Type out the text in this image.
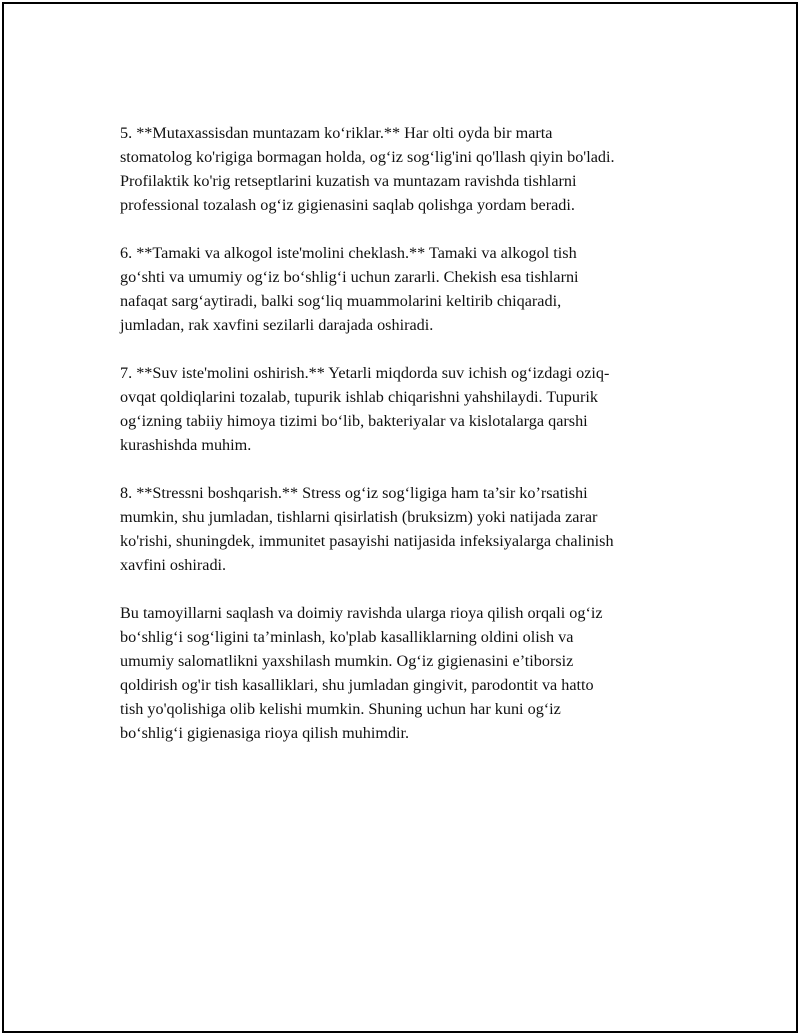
5. **Mutaxassisdan muntazam ko‘riklar.** Har olti oyda bir marta
stomatolog ko'rigiga bormagan holda, og‘iz sog‘lig'ini qo'llash qiyin bo'ladi.
Profilaktik ko'rig retseptlarini kuzatish va muntazam ravishda tishlarni
professional tozalash og‘iz gigienasini saqlab qolishga yordam beradi.

6. **Tamaki va alkogol iste'molini cheklash.** Tamaki va alkogol tish
go‘shti va umumiy og‘iz bo‘shlig‘i uchun zararli. Chekish esa tishlarni
nafaqat sarg‘aytiradi, balki sog‘liq muammolarini keltirib chiqaradi,
jumladan, rak xavfini sezilarli darajada oshiradi.

7. **Suv iste'molini oshirish.** Yetarli miqdorda suv ichish og‘izdagi oziq-
ovqat qoldiqlarini tozalab, tupurik ishlab chiqarishni yahshilaydi. Tupurik
og‘izning tabiiy himoya tizimi bo‘lib, bakteriyalar va kislotalarga qarshi
kurashishda muhim.

8. **Stressni boshqarish.** Stress og‘iz sog‘ligiga ham ta’sir ko’rsatishi
mumkin, shu jumladan, tishlarni qisirlatish (bruksizm) yoki natijada zarar
ko'rishi, shuningdek, immunitet pasayishi natijasida infeksiyalarga chalinish
xavfini oshiradi.

Bu tamoyillarni saqlash va doimiy ravishda ularga rioya qilish orqali og‘iz
bo‘shlig‘i sog‘ligini ta’minlash, ko'plab kasalliklarning oldini olish va
umumiy salomatlikni yaxshilash mumkin. Og‘iz gigienasini e’tiborsiz
qoldirish og'ir tish kasalliklari, shu jumladan gingivit, parodontit va hatto
tish yo'qolishiga olib kelishi mumkin. Shuning uchun har kuni og‘iz
bo‘shlig‘i gigienasiga rioya qilish muhimdir.
